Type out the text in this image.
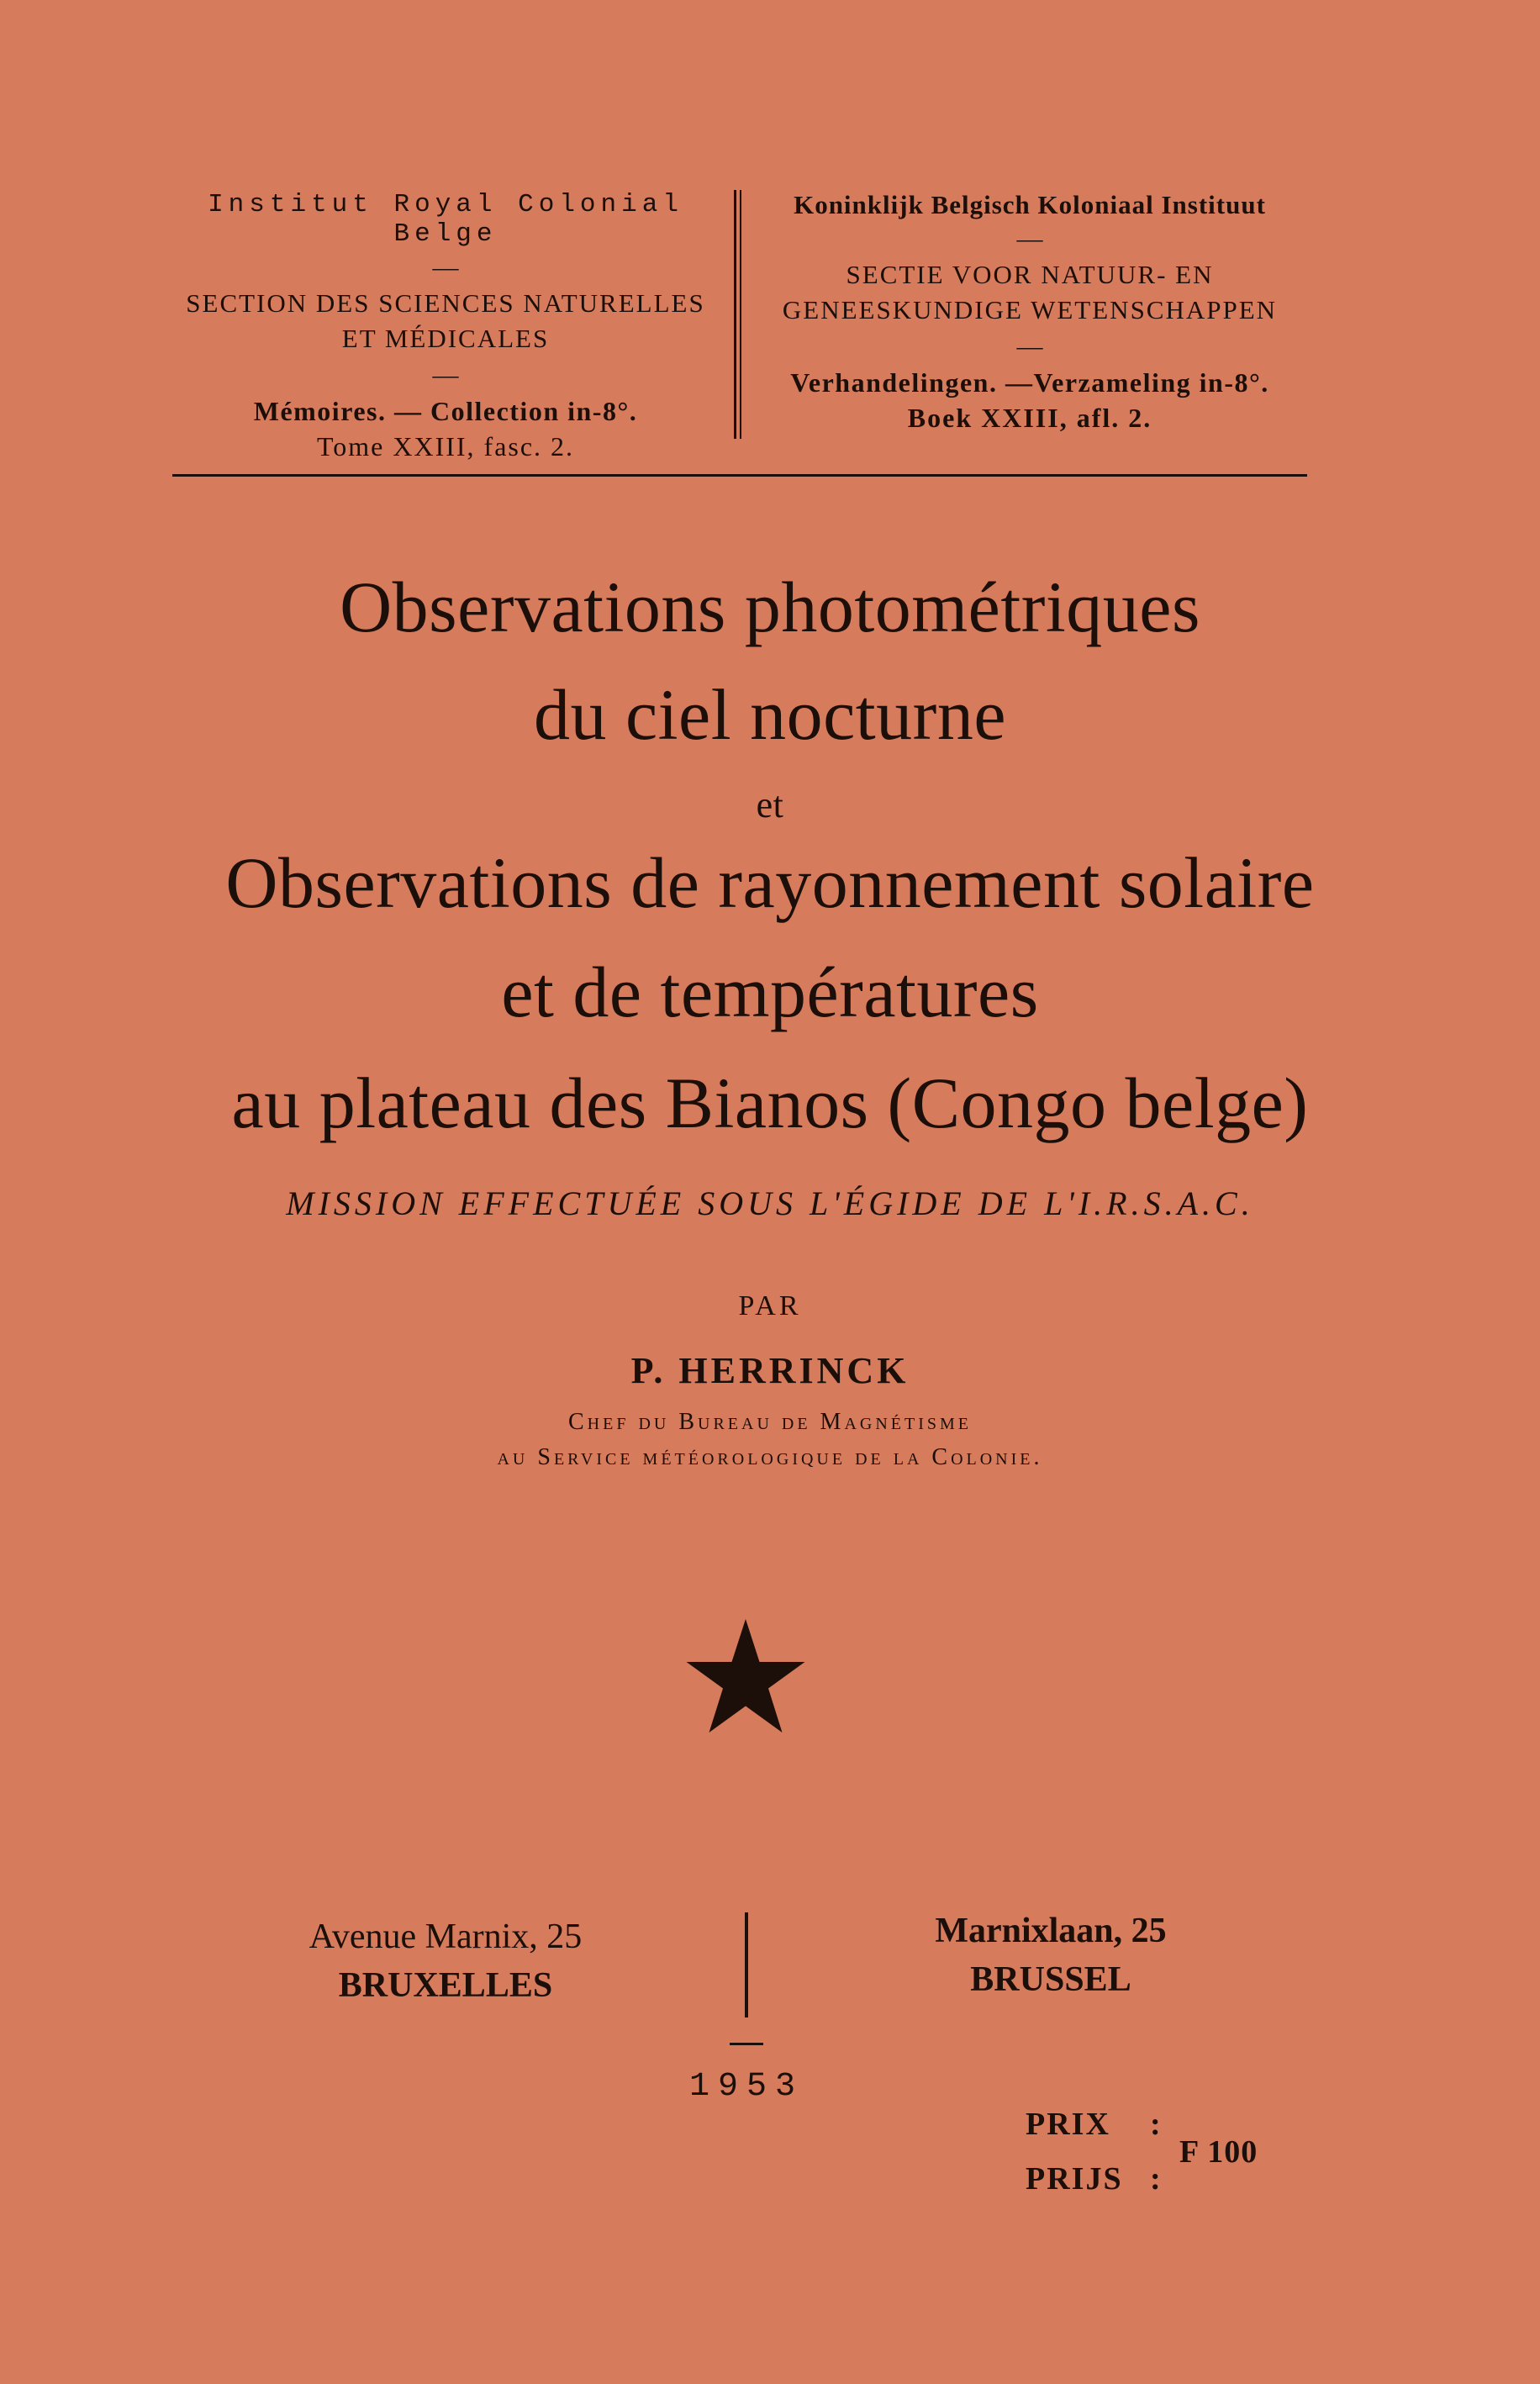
Institut Royal Colonial Belge
—
SECTION DES SCIENCES NATURELLES
ET MÉDICALES
—
Mémoires. — Collection in-8°.
Tome XXIII, fasc. 2.
Koninklijk Belgisch Koloniaal Instituut
—
SECTIE VOOR NATUUR- EN
GENEESKUNDIGE WETENSCHAPPEN
—
Verhandelingen. —Verzameling in-8°.
Boek XXIII, afl. 2.
Observations photométriques
du ciel nocturne
et
Observations de rayonnement solaire
et de températures
au plateau des Bianos (Congo belge)
MISSION EFFECTUÉE SOUS L'ÉGIDE DE L'I.R.S.A.C.
PAR
P. HERRINCK
Chef du Bureau de Magnétisme
au Service météorologique de la Colonie.
Avenue Marnix, 25
BRUXELLES
Marnixlaan, 25
BRUSSEL
1953
PRIX :
PRIJS :
F 100
